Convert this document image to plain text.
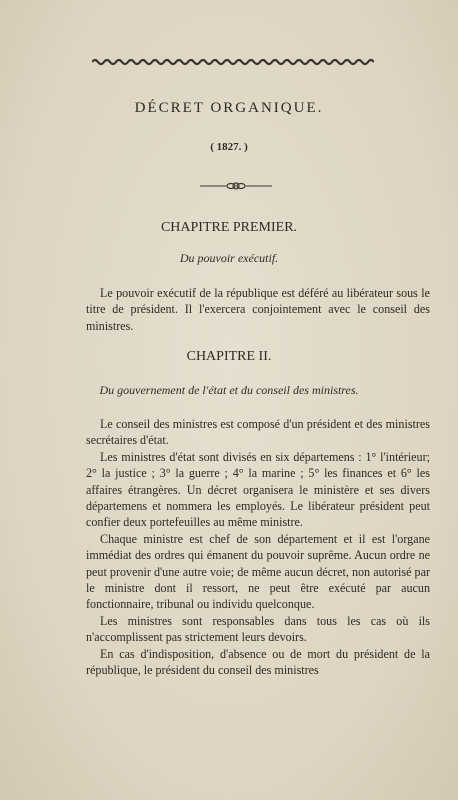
DÉCRET ORGANIQUE.
( 1827. )
CHAPITRE PREMIER.
Du pouvoir exécutif.

Le pouvoir exécutif de la république est déféré au libérateur sous le titre de président. Il l'exercera conjointement avec le conseil des ministres.

CHAPITRE II.
Du gouvernement de l'état et du conseil des ministres.

Le conseil des ministres est composé d'un président et des ministres secrétaires d'état.

Les ministres d'état sont divisés en six départemens : 1° l'intérieur; 2° la justice ; 3° la guerre ; 4° la marine ; 5° les finances et 6° les affaires étrangères. Un décret organisera le ministère et ses divers départemens et nommera les employés. Le libérateur président peut confier deux portefeuilles au même ministre.

Chaque ministre est chef de son département et il est l'organe immédiat des ordres qui émanent du pouvoir suprême. Aucun ordre ne peut provenir d'une autre voie; de même aucun décret, non autorisé par le ministre dont il ressort, ne peut être exécuté par aucun fonctionnaire, tribunal ou individu quelconque.

Les ministres sont responsables dans tous les cas où ils n'accomplissent pas strictement leurs devoirs.

En cas d'indisposition, d'absence ou de mort du président de la république, le président du conseil des ministres
